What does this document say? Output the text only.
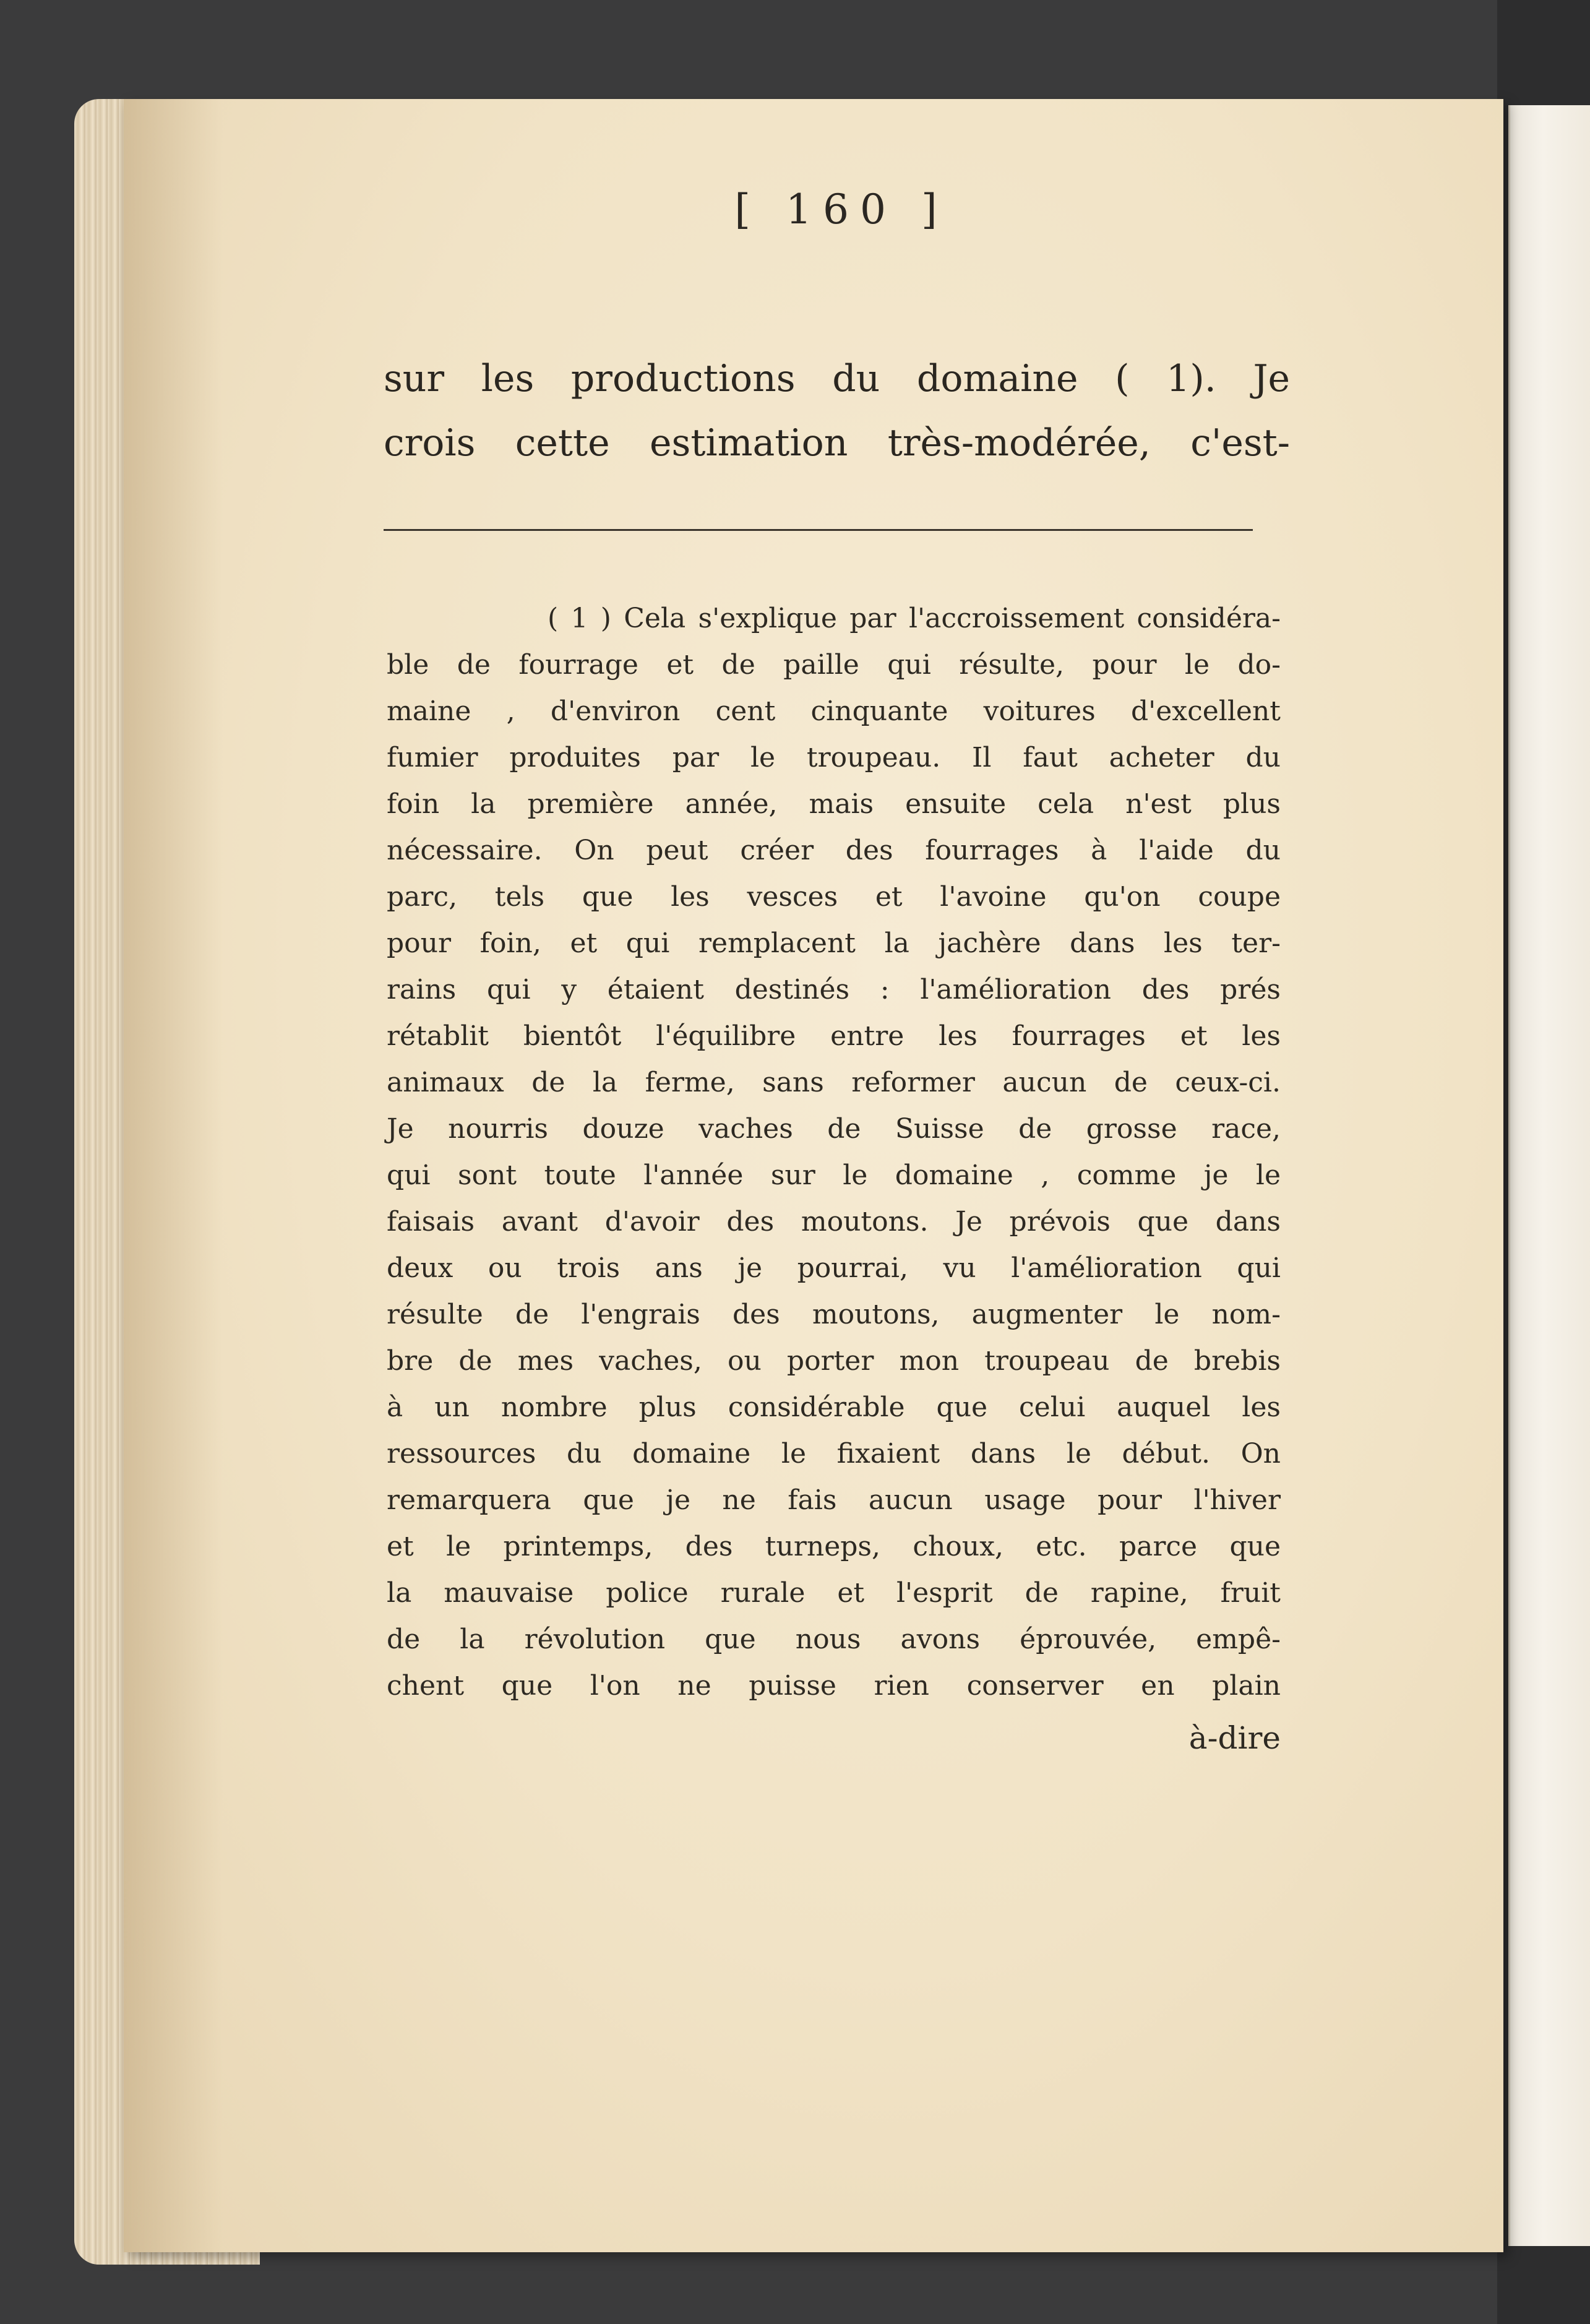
[ 160 ]
sur les productions du domaine ( 1). Je
crois cette estimation très-modérée, c'est-
( 1 ) Cela s'explique par l'accroissement considéra-
ble de fourrage et de paille qui résulte, pour le do-
maine , d'environ cent cinquante voitures d'excellent
fumier produites par le troupeau. Il faut acheter du
foin la première année, mais ensuite cela n'est plus
nécessaire. On peut créer des fourrages à l'aide du
parc, tels que les vesces et l'avoine qu'on coupe
pour foin, et qui remplacent la jachère dans les ter-
rains qui y étaient destinés : l'amélioration des prés
rétablit bientôt l'équilibre entre les fourrages et les
animaux de la ferme, sans reformer aucun de ceux-ci.
Je nourris douze vaches de Suisse de grosse race,
qui sont toute l'année sur le domaine , comme je le
faisais avant d'avoir des moutons. Je prévois que dans
deux ou trois ans je pourrai, vu l'amélioration qui
résulte de l'engrais des moutons, augmenter le nom-
bre de mes vaches, ou porter mon troupeau de brebis
à un nombre plus considérable que celui auquel les
ressources du domaine le fixaient dans le début. On
remarquera que je ne fais aucun usage pour l'hiver
et le printemps, des turneps, choux, etc. parce que
la mauvaise police rurale et l'esprit de rapine, fruit
de la révolution que nous avons éprouvée, empê-
chent que l'on ne puisse rien conserver en plain
à-dire
